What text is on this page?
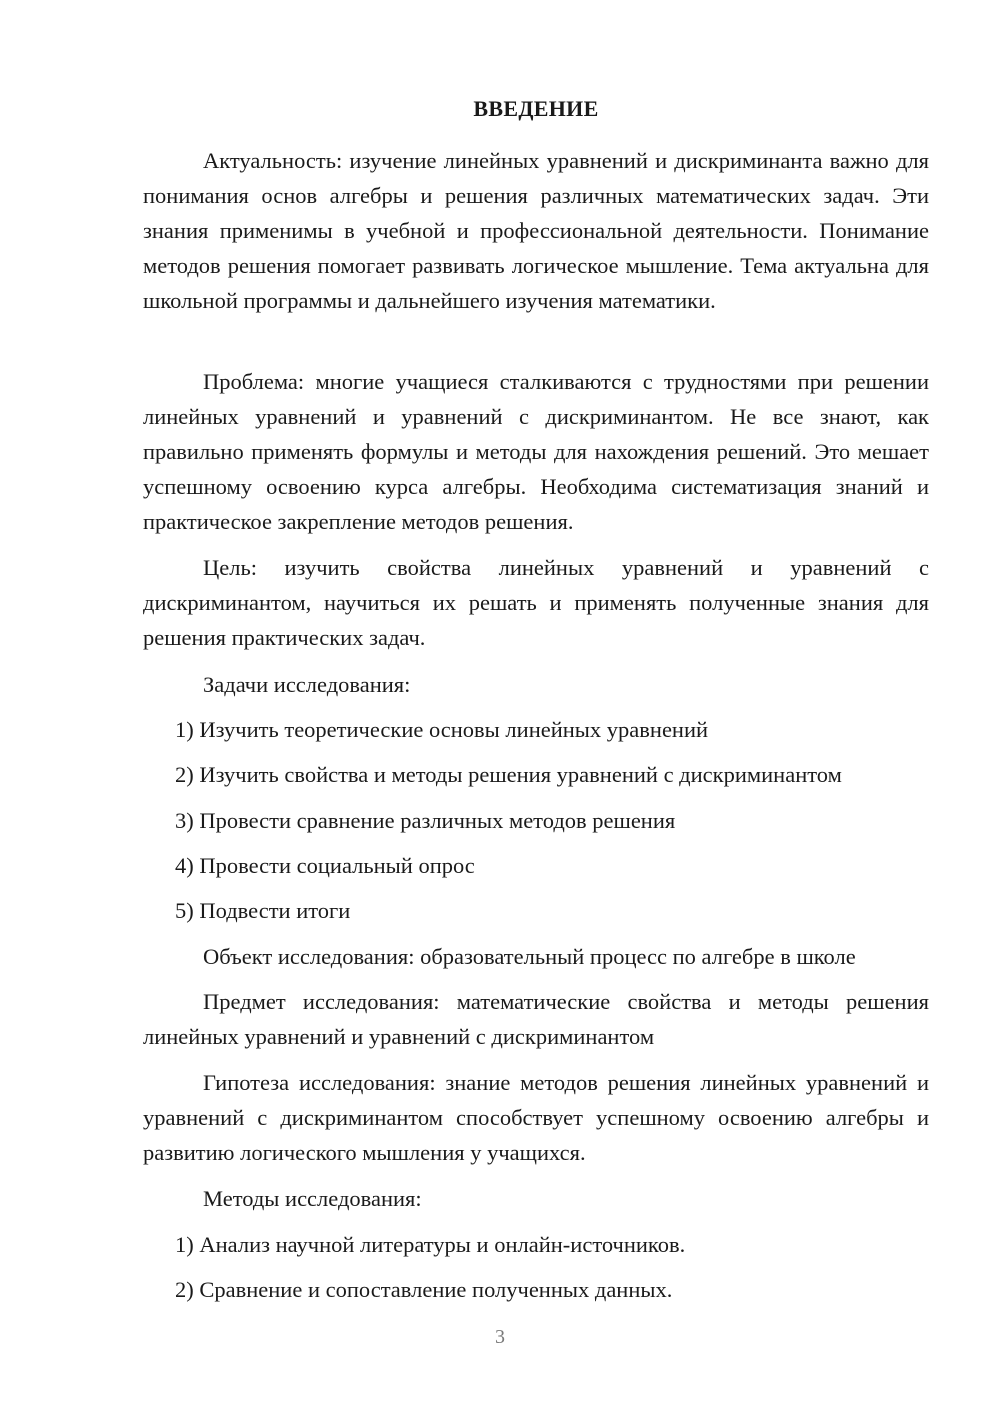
ВВЕДЕНИЕ

Актуальность: изучение линейных уравнений и дискриминанта важно для понимания основ алгебры и решения различных математических задач. Эти знания применимы в учебной и профессиональной деятельности. Понимание методов решения помогает развивать логическое мышление. Тема актуальна для школьной программы и дальнейшего изучения математики.

Проблема: многие учащиеся сталкиваются с трудностями при решении линейных уравнений и уравнений с дискриминантом. Не все знают, как правильно применять формулы и методы для нахождения решений. Это мешает успешному освоению курса алгебры. Необходима систематизация знаний и практическое закрепление методов решения.

Цель: изучить свойства линейных уравнений и уравнений с дискриминантом, научиться их решать и применять полученные знания для решения практических задач.

Задачи исследования:

1) Изучить теоретические основы линейных уравнений

2) Изучить свойства и методы решения уравнений с дискриминантом

3) Провести сравнение различных методов решения

4) Провести социальный опрос

5) Подвести итоги

Объект исследования: образовательный процесс по алгебре в школе

Предмет исследования: математические свойства и методы решения линейных уравнений и уравнений с дискриминантом

Гипотеза исследования: знание методов решения линейных уравнений и уравнений с дискриминантом способствует успешному освоению алгебры и развитию логического мышления у учащихся.

Методы исследования:

1) Анализ научной литературы и онлайн-источников.

2) Сравнение и сопоставление полученных данных.

3
